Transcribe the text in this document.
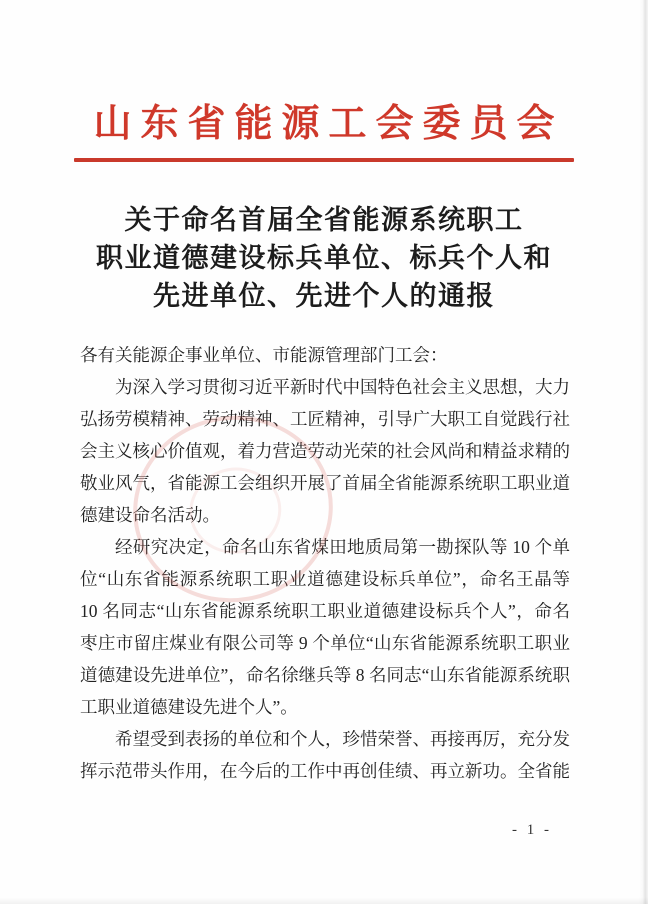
山东省能源工会委员会
关于命名首届全省能源系统职工
职业道德建设标兵单位、标兵个人和
先进单位、先进个人的通报

各有关能源企事业单位、市能源管理部门工会：

为深入学习贯彻习近平新时代中国特色社会主义思想，大力弘扬劳模精神、劳动精神、工匠精神，引导广大职工自觉践行社会主义核心价值观，着力营造劳动光荣的社会风尚和精益求精的敬业风气，省能源工会组织开展了首届全省能源系统职工职业道德建设命名活动。

经研究决定，命名山东省煤田地质局第一勘探队等 10 个单位“山东省能源系统职工职业道德建设标兵单位”，命名王晶等 10 名同志“山东省能源系统职工职业道德建设标兵个人”，命名枣庄市留庄煤业有限公司等 9 个单位“山东省能源系统职工职业道德建设先进单位”，命名徐继兵等 8 名同志“山东省能源系统职工职业道德建设先进个人”。

希望受到表扬的单位和个人，珍惜荣誉、再接再厉，充分发挥示范带头作用，在今后的工作中再创佳绩、再立新功。全省能

- 1 -
